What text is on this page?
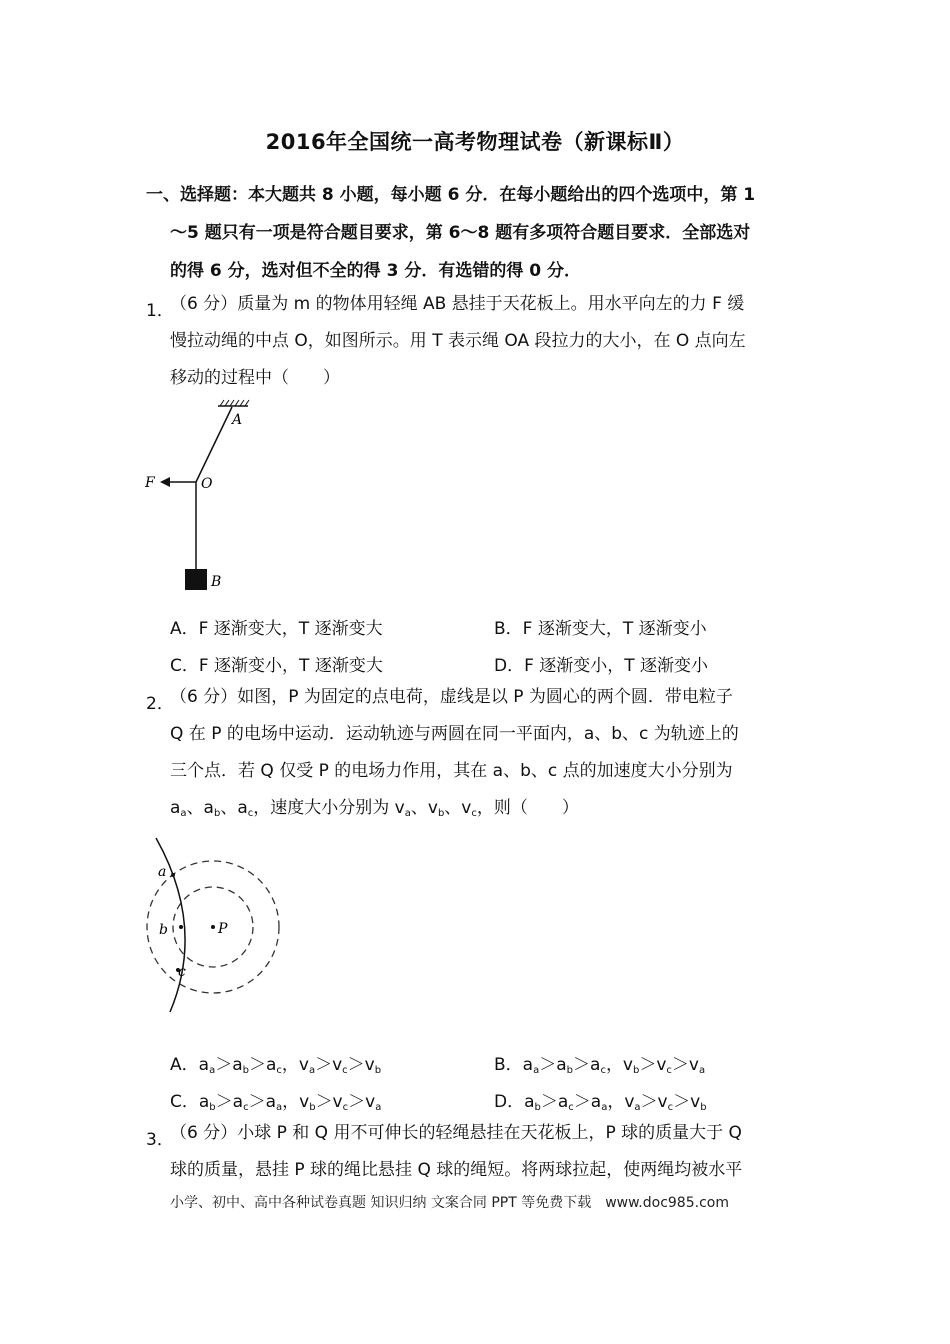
2016年全国统一高考物理试卷（新课标Ⅱ）
一、选择题：本大题共 8 小题，每小题 6 分．在每小题给出的四个选项中，第 1
～5 题只有一项是符合题目要求，第 6～8 题有多项符合题目要求．全部选对
的得 6 分，选对但不全的得 3 分．有选错的得 0 分．
1．
（6 分）质量为 m 的物体用轻绳 AB 悬挂于天花板上。用水平向左的力 F 缓
慢拉动绳的中点 O，如图所示。用 T 表示绳 OA 段拉力的大小，在 O 点向左
移动的过程中（　　）
A
O
F
B
A．F 逐渐变大，T 逐渐变大	B．F 逐渐变大，T 逐渐变小
C．F 逐渐变小，T 逐渐变大	D．F 逐渐变小，T 逐渐变小
2．
（6 分）如图，P 为固定的点电荷，虚线是以 P 为圆心的两个圆．带电粒子
Q 在 P 的电场中运动．运动轨迹与两圆在同一平面内，a、b、c 为轨迹上的
三个点．若 Q 仅受 P 的电场力作用，其在 a、b、c 点的加速度大小分别为
$a_a$、$a_b$、$a_c$，速度大小分别为 $v_a$、$v_b$、$v_c$，则（　　）
a
b
c
P
A．$a_a>a_b>a_c$，$v_a>v_c>v_b$	B．$a_a>a_b>a_c$，$v_b>v_c>v_a$
C．$a_b>a_c>a_a$，$v_b>v_c>v_a$	D．$a_b>a_c>a_a$，$v_a>v_c>v_b$
3．
（6 分）小球 P 和 Q 用不可伸长的轻绳悬挂在天花板上，P 球的质量大于 Q
球的质量，悬挂 P 球的绳比悬挂 Q 球的绳短。将两球拉起，使两绳均被水平
小学、初中、高中各种试卷真题 知识归纳 文案合同 PPT 等免费下载　www.doc985.com
